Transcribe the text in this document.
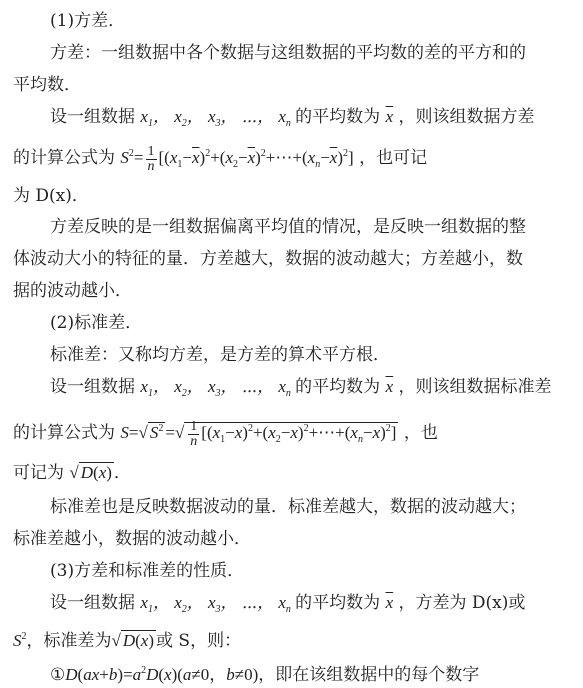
(1)方差．
方差：一组数据中各个数据与这组数据的平均数的差的平方和的
平均数．
设一组数据 $x_1$， $x_2$， $x_3$， ⋯， $x_n$ 的平均数为 x ，则该组数据方差
的计算公式为 $S^2= \frac{1}{n}$ $[(x_1-\overline{x})^2+(x_2-\overline{x})^2+\cdots+(x_n-\overline{x})^2]$ ，也可记
为 D(x)．
方差反映的是一组数据偏离平均值的情况，是反映一组数据的整
体波动大小的特征的量．方差越大，数据的波动越大；方差越小，数
据的波动越小．
(2)标准差．
标准差：又称均方差，是方差的算术平方根．
设一组数据 $x_1$， $x_2$， $x_3$， ⋯， $x_n$ 的平均数为 x ，则该组数据标准差
的计算公式为 S=√ $S^2$ =√ $\frac{1}{n}$ $[(x_1-\overline{x})^2+(x_2-\overline{x})^2+\cdots+(x_n-\overline{x})^2]$ ，也
可记为 √ D(x) ．
标准差也是反映数据波动的量．标准差越大，数据的波动越大；
标准差越小，数据的波动越小．
(3)方差和标准差的性质．
设一组数据 $x_1$， $x_2$， $x_3$， ⋯， $x_n$ 的平均数为 x ，方差为 D(x)或
$S^2$，标准差为√ D(x) 或 S，则：
$①D(ax+b)=a^2D(x)(a\ne 0$，b≠0)，即在该组数据中的每个数字
